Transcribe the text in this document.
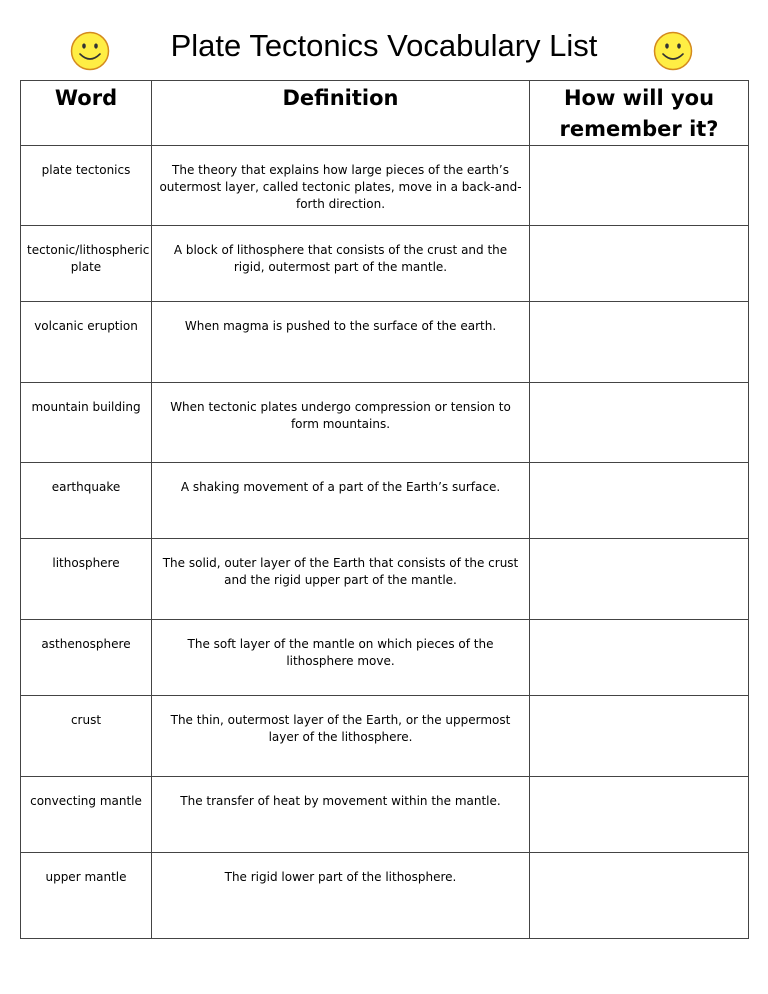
Plate Tectonics Vocabulary List
Word	Definition	How will you remember it?
plate tectonics	The theory that explains how large pieces of the earth’s outermost layer, called tectonic plates, move in a back-and-forth direction.	
tectonic/lithospheric plate	A block of lithosphere that consists of the crust and the rigid, outermost part of the mantle.	
volcanic eruption	When magma is pushed to the surface of the earth.	
mountain building	When tectonic plates undergo compression or tension to form mountains.	
earthquake	A shaking movement of a part of the Earth’s surface.	
lithosphere	The solid, outer layer of the Earth that consists of the crust and the rigid upper part of the mantle.	
asthenosphere	The soft layer of the mantle on which pieces of the lithosphere move.	
crust	The thin, outermost layer of the Earth, or the uppermost layer of the lithosphere.	
convecting mantle	The transfer of heat by movement within the mantle.	
upper mantle	The rigid lower part of the lithosphere.	
